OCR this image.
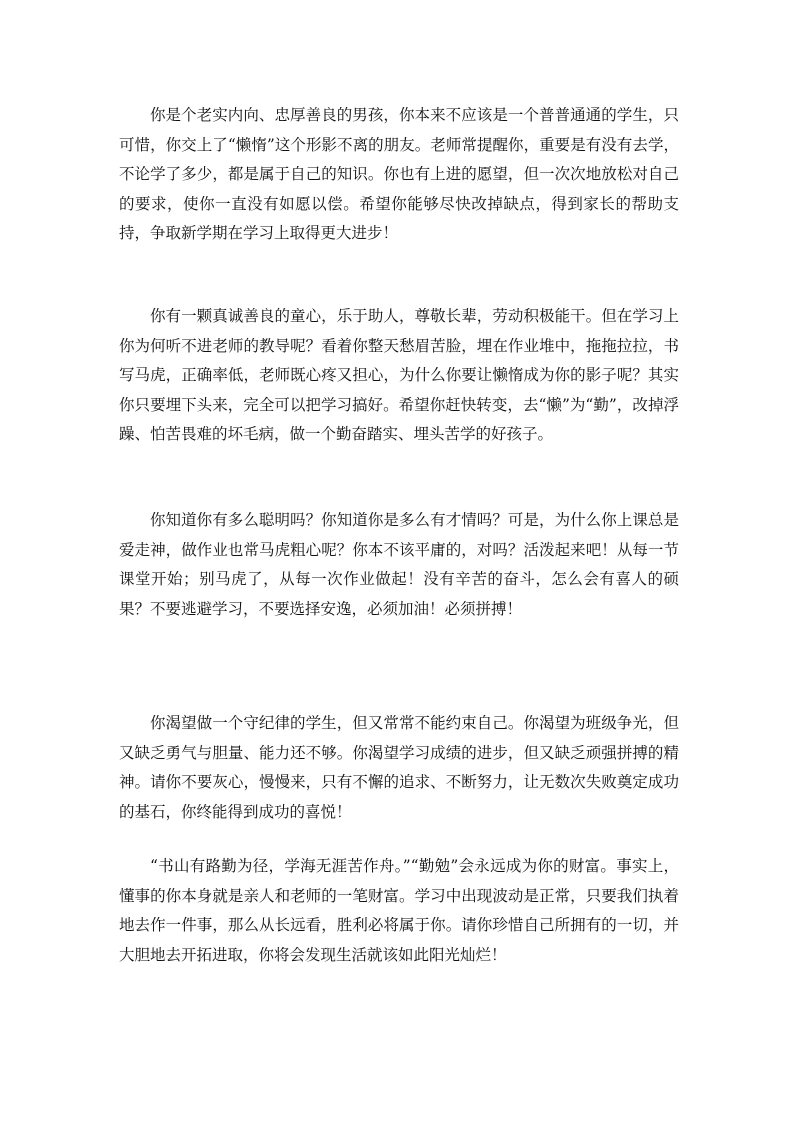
你是个老实内向、忠厚善良的男孩，你本来不应该是一个普普通通的学生，只可惜，你交上了“懒惰”这个形影不离的朋友。老师常提醒你，重要是有没有去学，不论学了多少，都是属于自己的知识。你也有上进的愿望，但一次次地放松对自己的要求，使你一直没有如愿以偿。希望你能够尽快改掉缺点，得到家长的帮助支持，争取新学期在学习上取得更大进步！

你有一颗真诚善良的童心，乐于助人，尊敬长辈，劳动积极能干。但在学习上你为何听不进老师的教导呢？看着你整天愁眉苦脸，埋在作业堆中，拖拖拉拉，书写马虎，正确率低，老师既心疼又担心，为什么你要让懒惰成为你的影子呢？其实你只要埋下头来，完全可以把学习搞好。希望你赶快转变，去“懒”为“勤”，改掉浮躁、怕苦畏难的坏毛病，做一个勤奋踏实、埋头苦学的好孩子。

你知道你有多么聪明吗？你知道你是多么有才情吗？可是，为什么你上课总是爱走神，做作业也常马虎粗心呢？你本不该平庸的，对吗？活泼起来吧！从每一节课堂开始；别马虎了，从每一次作业做起！没有辛苦的奋斗，怎么会有喜人的硕果？不要逃避学习，不要选择安逸，必须加油！必须拼搏！

你渴望做一个守纪律的学生，但又常常不能约束自己。你渴望为班级争光，但又缺乏勇气与胆量、能力还不够。你渴望学习成绩的进步，但又缺乏顽强拼搏的精神。请你不要灰心，慢慢来，只有不懈的追求、不断努力，让无数次失败奠定成功的基石，你终能得到成功的喜悦！

“书山有路勤为径，学海无涯苦作舟。”“勤勉”会永远成为你的财富。事实上，懂事的你本身就是亲人和老师的一笔财富。学习中出现波动是正常，只要我们执着地去作一件事，那么从长远看，胜利必将属于你。请你珍惜自己所拥有的一切，并大胆地去开拓进取，你将会发现生活就该如此阳光灿烂！
